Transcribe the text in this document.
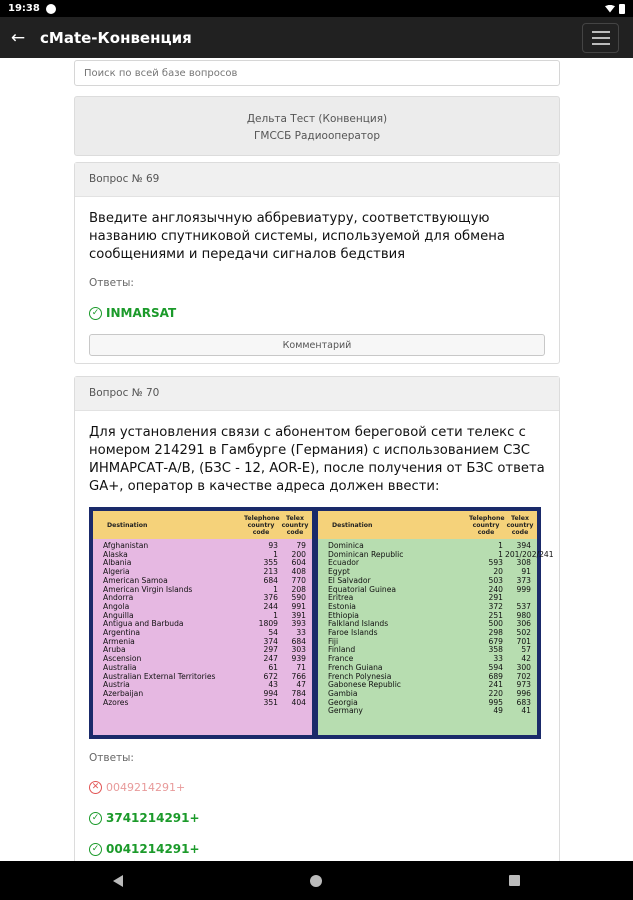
19:38
← cMate-Конвенция
Поиск по всей базе вопросов
Дельта Тест (Конвенция)
ГМССБ Радиооператор
Вопрос № 69
Введите англоязычную аббревиатуру, соответствующую названию спутниковой системы, используемой для обмена сообщениями и передачи сигналов бедствия
Ответы:
✓ INMARSAT
Комментарий
Вопрос № 70
Для установления связи с абонентом береговой сети телекс с номером 214291 в Гамбурге (Германия) с использованием СЗС ИНМАРСАТ-A/B, (БЗС - 12, AOR-E), после получения от БЗС ответа GA+, оператор в качестве адреса должен ввести:
Destination
Telephone country code
Telex country code
Afghanistan	93	79
Alaska	1	200
Albania	355	604
Algeria	213	408
American Samoa	684	770
American Virgin Islands	1	208
Andorra	376	590
Angola	244	991
Anguilla	1	391
Antigua and Barbuda	1809	393
Argentina	54	33
Armenia	374	684
Aruba	297	303
Ascension	247	939
Australia	61	71
Australian External Territories	672	766
Austria	43	47
Azerbaijan	994	784
Azores	351	404
Destination
Telephone country code
Telex country code
Dominica	1	394
Dominican Republic	1 201/202/241
Ecuador	593	308
Egypt	20	91
El Salvador	503	373
Equatorial Guinea	240	999
Eritrea	291
Estonia	372	537
Ethiopia	251	980
Falkland Islands	500	306
Faroe Islands	298	502
Fiji	679	701
Finland	358	57
France	33	42
French Guiana	594	300
French Polynesia	689	702
Gabonese Republic	241	973
Gambia	220	996
Georgia	995	683
Germany	49	41
Ответы:
✕ 0049214291+
✓ 3741214291+
✓ 0041214291+
